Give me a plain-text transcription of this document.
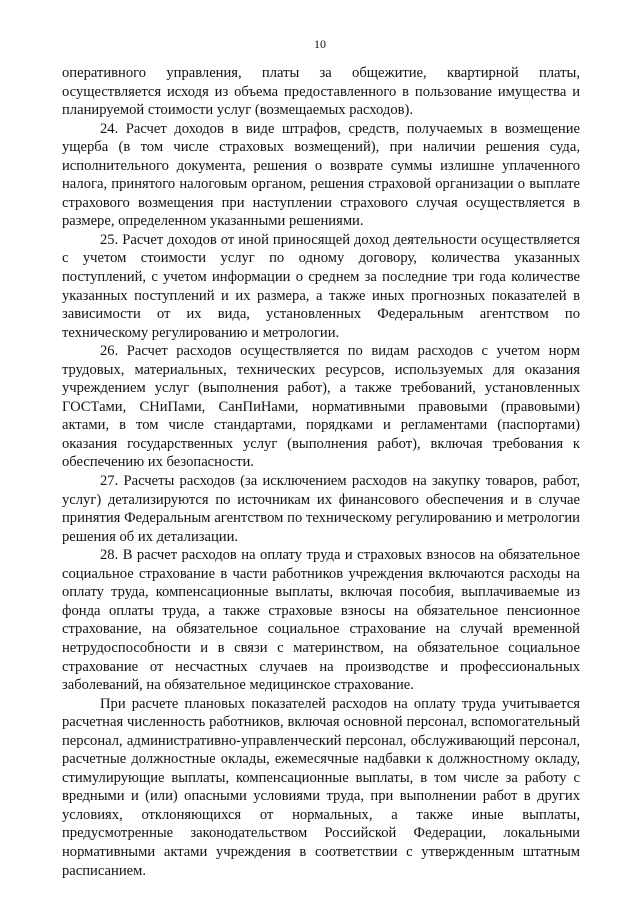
10

оперативного управления, платы за общежитие, квартирной платы, осуществляется исходя из объема предоставленного в пользование имущества и планируемой стоимости услуг (возмещаемых расходов).

24. Расчет доходов в виде штрафов, средств, получаемых в возмещение ущерба (в том числе страховых возмещений), при наличии решения суда, исполнительного документа, решения о возврате суммы излишне уплаченного налога, принятого налоговым органом, решения страховой организации о выплате страхового возмещения при наступлении страхового случая осуществляется в размере, определенном указанными решениями.

25. Расчет доходов от иной приносящей доход деятельности осуществляется с учетом стоимости услуг по одному договору, количества указанных поступлений, с учетом информации о среднем за последние три года количестве указанных поступлений и их размера, а также иных прогнозных показателей в зависимости от их вида, установленных Федеральным агентством по техническому регулированию и метрологии.

26. Расчет расходов осуществляется по видам расходов с учетом норм трудовых, материальных, технических ресурсов, используемых для оказания учреждением услуг (выполнения работ), а также требований, установленных ГОСТами, СНиПами, СанПиНами, нормативными правовыми (правовыми) актами, в том числе стандартами, порядками и регламентами (паспортами) оказания государственных услуг (выполнения работ), включая требования к обеспечению их безопасности.

27. Расчеты расходов (за исключением расходов на закупку товаров, работ, услуг) детализируются по источникам их финансового обеспечения и в случае принятия Федеральным агентством по техническому регулированию и метрологии решения об их детализации.

28. В расчет расходов на оплату труда и страховых взносов на обязательное социальное страхование в части работников учреждения включаются расходы на оплату труда, компенсационные выплаты, включая пособия, выплачиваемые из фонда оплаты труда, а также страховые взносы на обязательное пенсионное страхование, на обязательное социальное страхование на случай временной нетрудоспособности и в связи с материнством, на обязательное социальное страхование от несчастных случаев на производстве и профессиональных заболеваний, на обязательное медицинское страхование.

При расчете плановых показателей расходов на оплату труда учитывается расчетная численность работников, включая основной персонал, вспомогательный персонал, административно-управленческий персонал, обслуживающий персонал, расчетные должностные оклады, ежемесячные надбавки к должностному окладу, стимулирующие выплаты, компенсационные выплаты, в том числе за работу с вредными и (или) опасными условиями труда, при выполнении работ в других условиях, отклоняющихся от нормальных, а также иные выплаты, предусмотренные законодательством Российской Федерации, локальными нормативными актами учреждения в соответствии с утвержденным штатным расписанием.
